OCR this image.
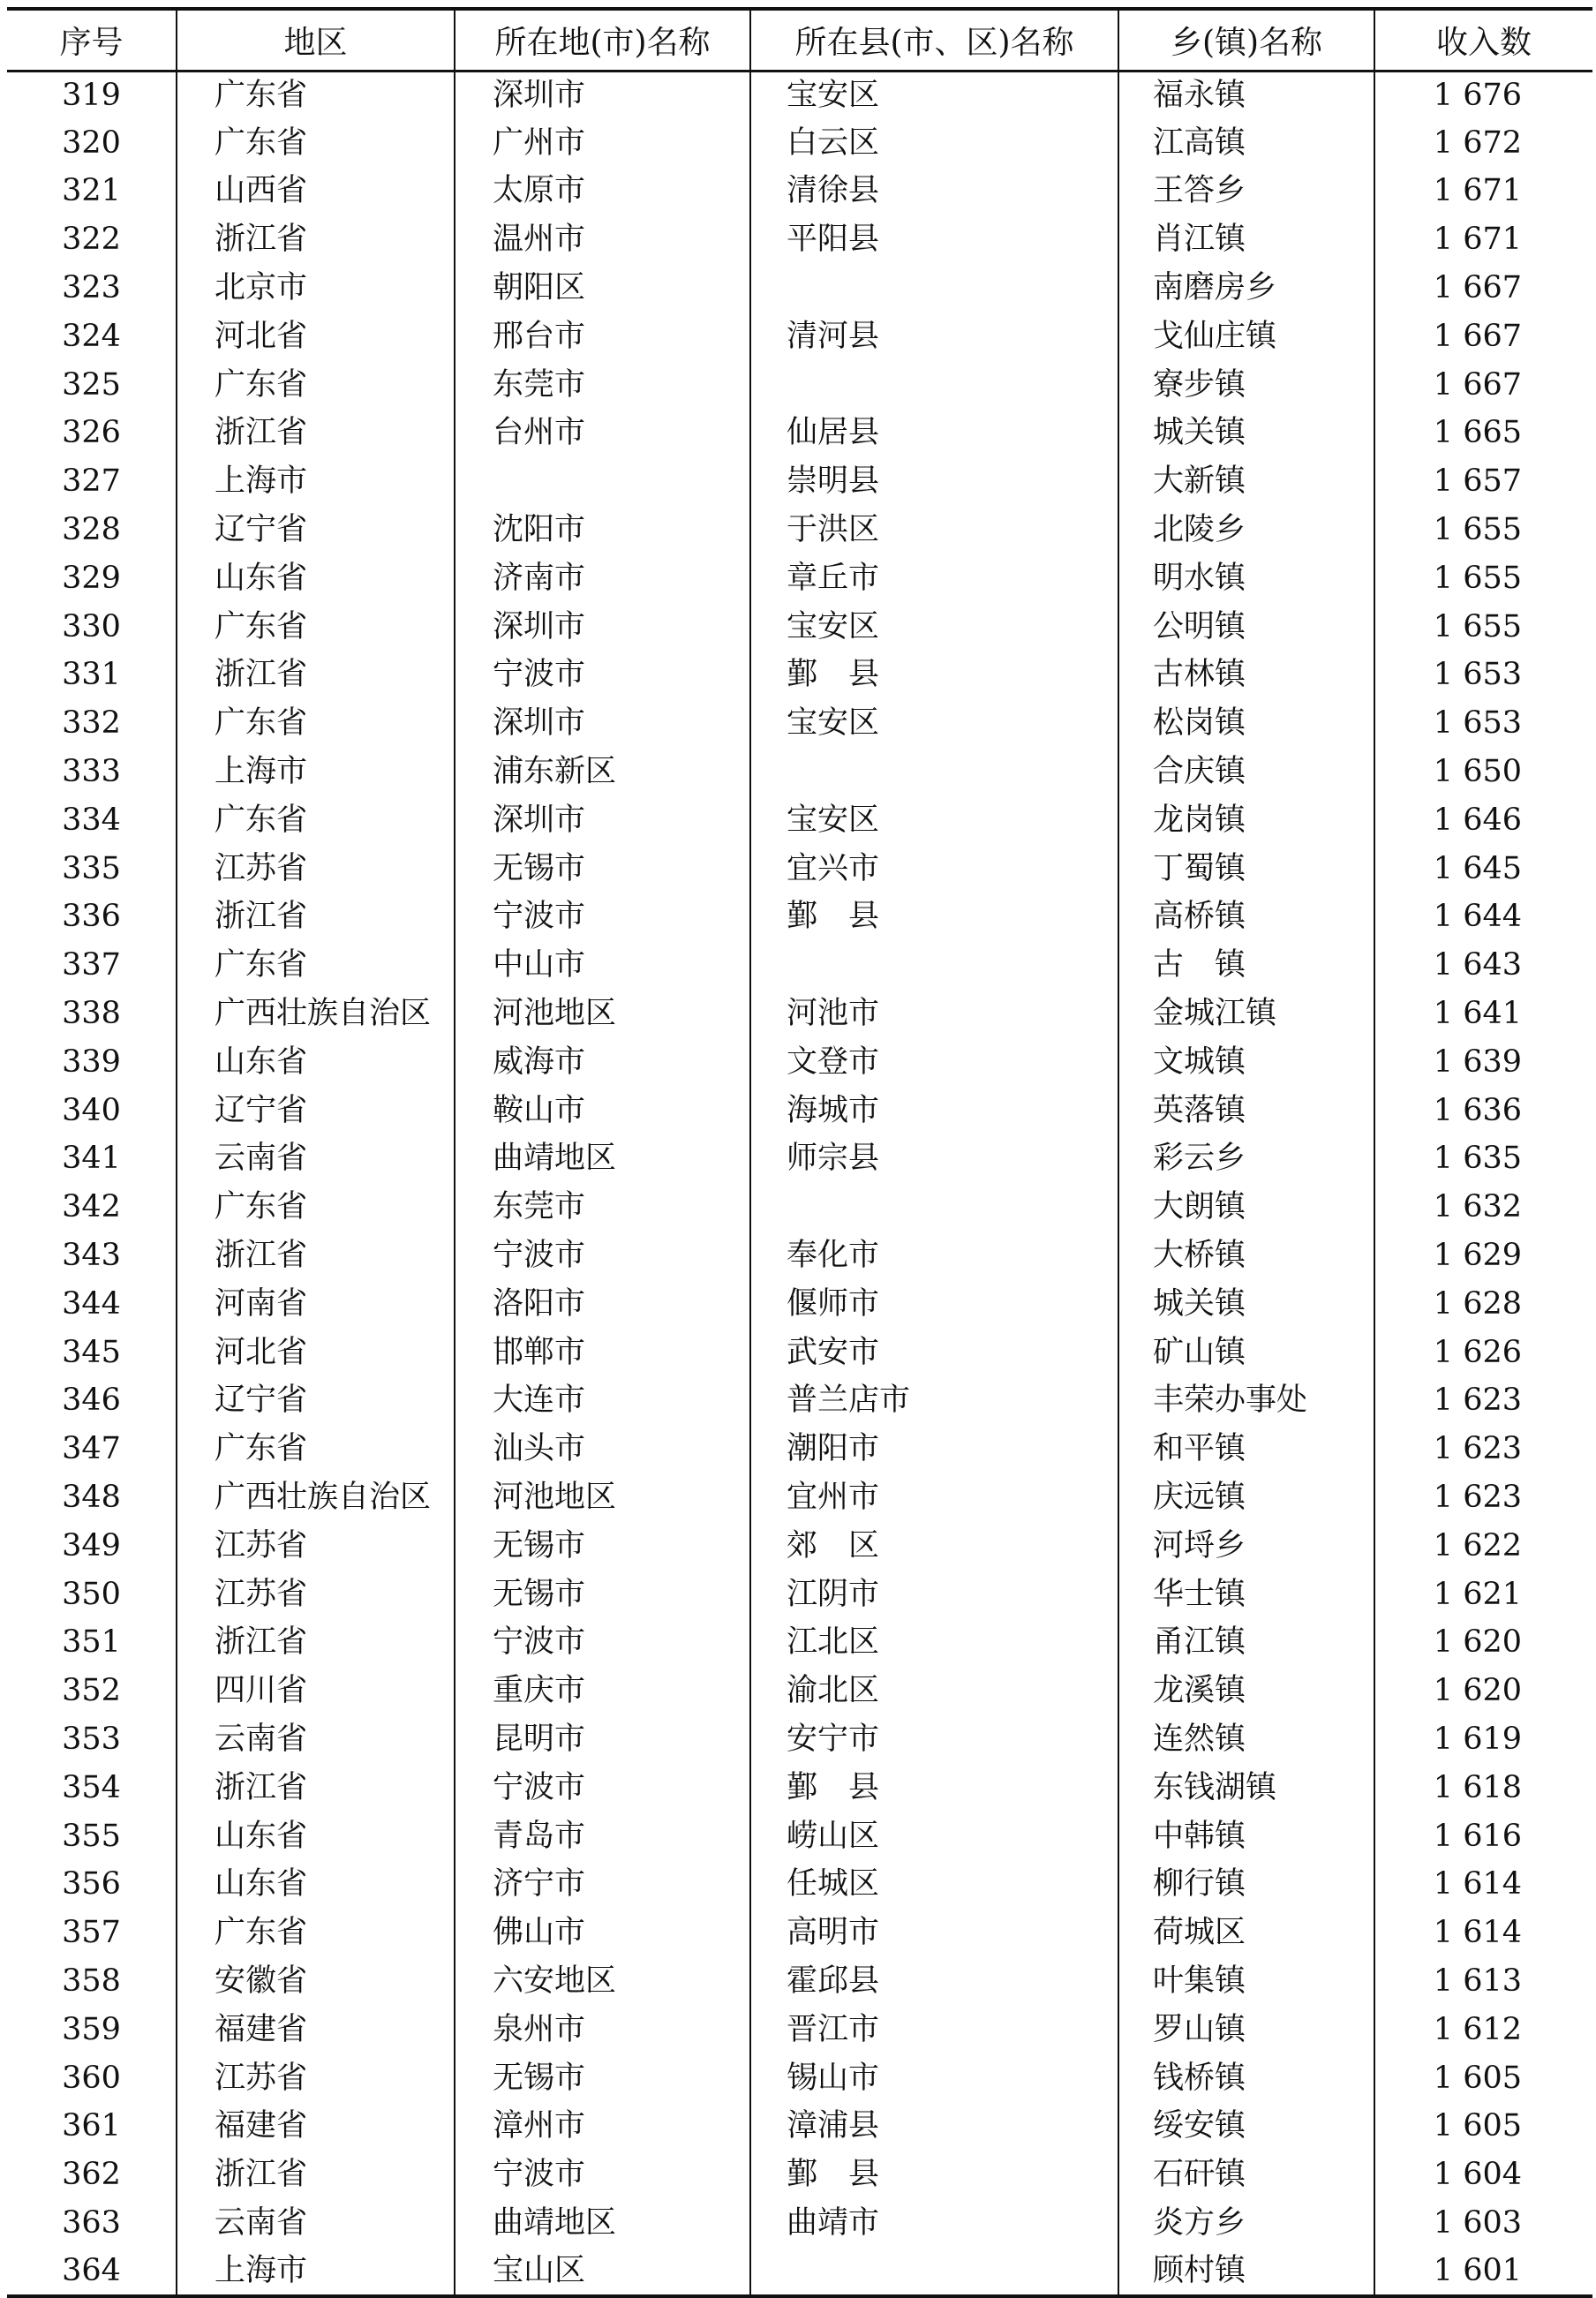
序号	地区	所在地(市)名称	所在县(市、区)名称	乡(镇)名称	收入数
319	广东省	深圳市	宝安区	福永镇	1 676
320	广东省	广州市	白云区	江高镇	1 672
321	山西省	太原市	清徐县	王答乡	1 671
322	浙江省	温州市	平阳县	肖江镇	1 671
323	北京市	朝阳区		南磨房乡	1 667
324	河北省	邢台市	清河县	戈仙庄镇	1 667
325	广东省	东莞市		寮步镇	1 667
326	浙江省	台州市	仙居县	城关镇	1 665
327	上海市		崇明县	大新镇	1 657
328	辽宁省	沈阳市	于洪区	北陵乡	1 655
329	山东省	济南市	章丘市	明水镇	1 655
330	广东省	深圳市	宝安区	公明镇	1 655
331	浙江省	宁波市	鄞　县	古林镇	1 653
332	广东省	深圳市	宝安区	松岗镇	1 653
333	上海市	浦东新区		合庆镇	1 650
334	广东省	深圳市	宝安区	龙岗镇	1 646
335	江苏省	无锡市	宜兴市	丁蜀镇	1 645
336	浙江省	宁波市	鄞　县	高桥镇	1 644
337	广东省	中山市		古　镇	1 643
338	广西壮族自治区	河池地区	河池市	金城江镇	1 641
339	山东省	威海市	文登市	文城镇	1 639
340	辽宁省	鞍山市	海城市	英落镇	1 636
341	云南省	曲靖地区	师宗县	彩云乡	1 635
342	广东省	东莞市		大朗镇	1 632
343	浙江省	宁波市	奉化市	大桥镇	1 629
344	河南省	洛阳市	偃师市	城关镇	1 628
345	河北省	邯郸市	武安市	矿山镇	1 626
346	辽宁省	大连市	普兰店市	丰荣办事处	1 623
347	广东省	汕头市	潮阳市	和平镇	1 623
348	广西壮族自治区	河池地区	宜州市	庆远镇	1 623
349	江苏省	无锡市	郊　区	河埒乡	1 622
350	江苏省	无锡市	江阴市	华士镇	1 621
351	浙江省	宁波市	江北区	甬江镇	1 620
352	四川省	重庆市	渝北区	龙溪镇	1 620
353	云南省	昆明市	安宁市	连然镇	1 619
354	浙江省	宁波市	鄞　县	东钱湖镇	1 618
355	山东省	青岛市	崂山区	中韩镇	1 616
356	山东省	济宁市	任城区	柳行镇	1 614
357	广东省	佛山市	高明市	荷城区	1 614
358	安徽省	六安地区	霍邱县	叶集镇	1 613
359	福建省	泉州市	晋江市	罗山镇	1 612
360	江苏省	无锡市	锡山市	钱桥镇	1 605
361	福建省	漳州市	漳浦县	绥安镇	1 605
362	浙江省	宁波市	鄞　县	石矸镇	1 604
363	云南省	曲靖地区	曲靖市	炎方乡	1 603
364	上海市	宝山区		顾村镇	1 601
